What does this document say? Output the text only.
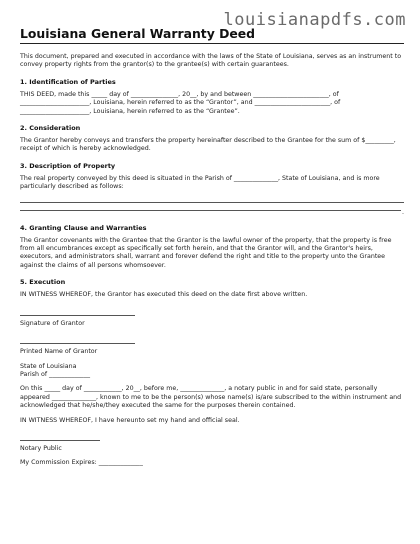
louisianapdfs.com
Louisiana General Warranty Deed

This document, prepared and executed in accordance with the laws of the State of Louisiana, serves as an instrument to convey property rights from the grantor(s) to the grantee(s) with certain guarantees.

1. Identification of Parties

THIS DEED, made this _____ day of _______________, 20__, by and between ________________________, of

______________________, Louisiana, herein referred to as the “Grantor”, and ________________________, of

______________________, Louisiana, herein referred to as the “Grantee”.

2. Consideration

The Grantor hereby conveys and transfers the property hereinafter described to the Grantee for the sum of $_________, receipt of which is hereby acknowledged.

3. Description of Property

The real property conveyed by this deed is situated in the Parish of ______________, State of Louisiana, and is more particularly described as follows:

.
4. Granting Clause and Warranties

The Grantor covenants with the Grantee that the Grantor is the lawful owner of the property, that the property is free from all encumbrances except as specifically set forth herein, and that the Grantor will, and the Grantor's heirs, executors, and administrators shall, warrant and forever defend the right and title to the property unto the Grantee against the claims of all persons whomsoever.

5. Execution

IN WITNESS WHEREOF, the Grantor has executed this deed on the date first above written.

Signature of Grantor

Printed Name of Grantor

State of Louisiana

Parish of _____________

On this _____ day of ____________, 20__, before me, ______________, a notary public in and for said state, personally appeared ______________, known to me to be the person(s) whose name(s) is/are subscribed to the within instrument and acknowledged that he/she/they executed the same for the purposes therein contained.

IN WITNESS WHEREOF, I have hereunto set my hand and official seal.

Notary Public

My Commission Expires: ______________
